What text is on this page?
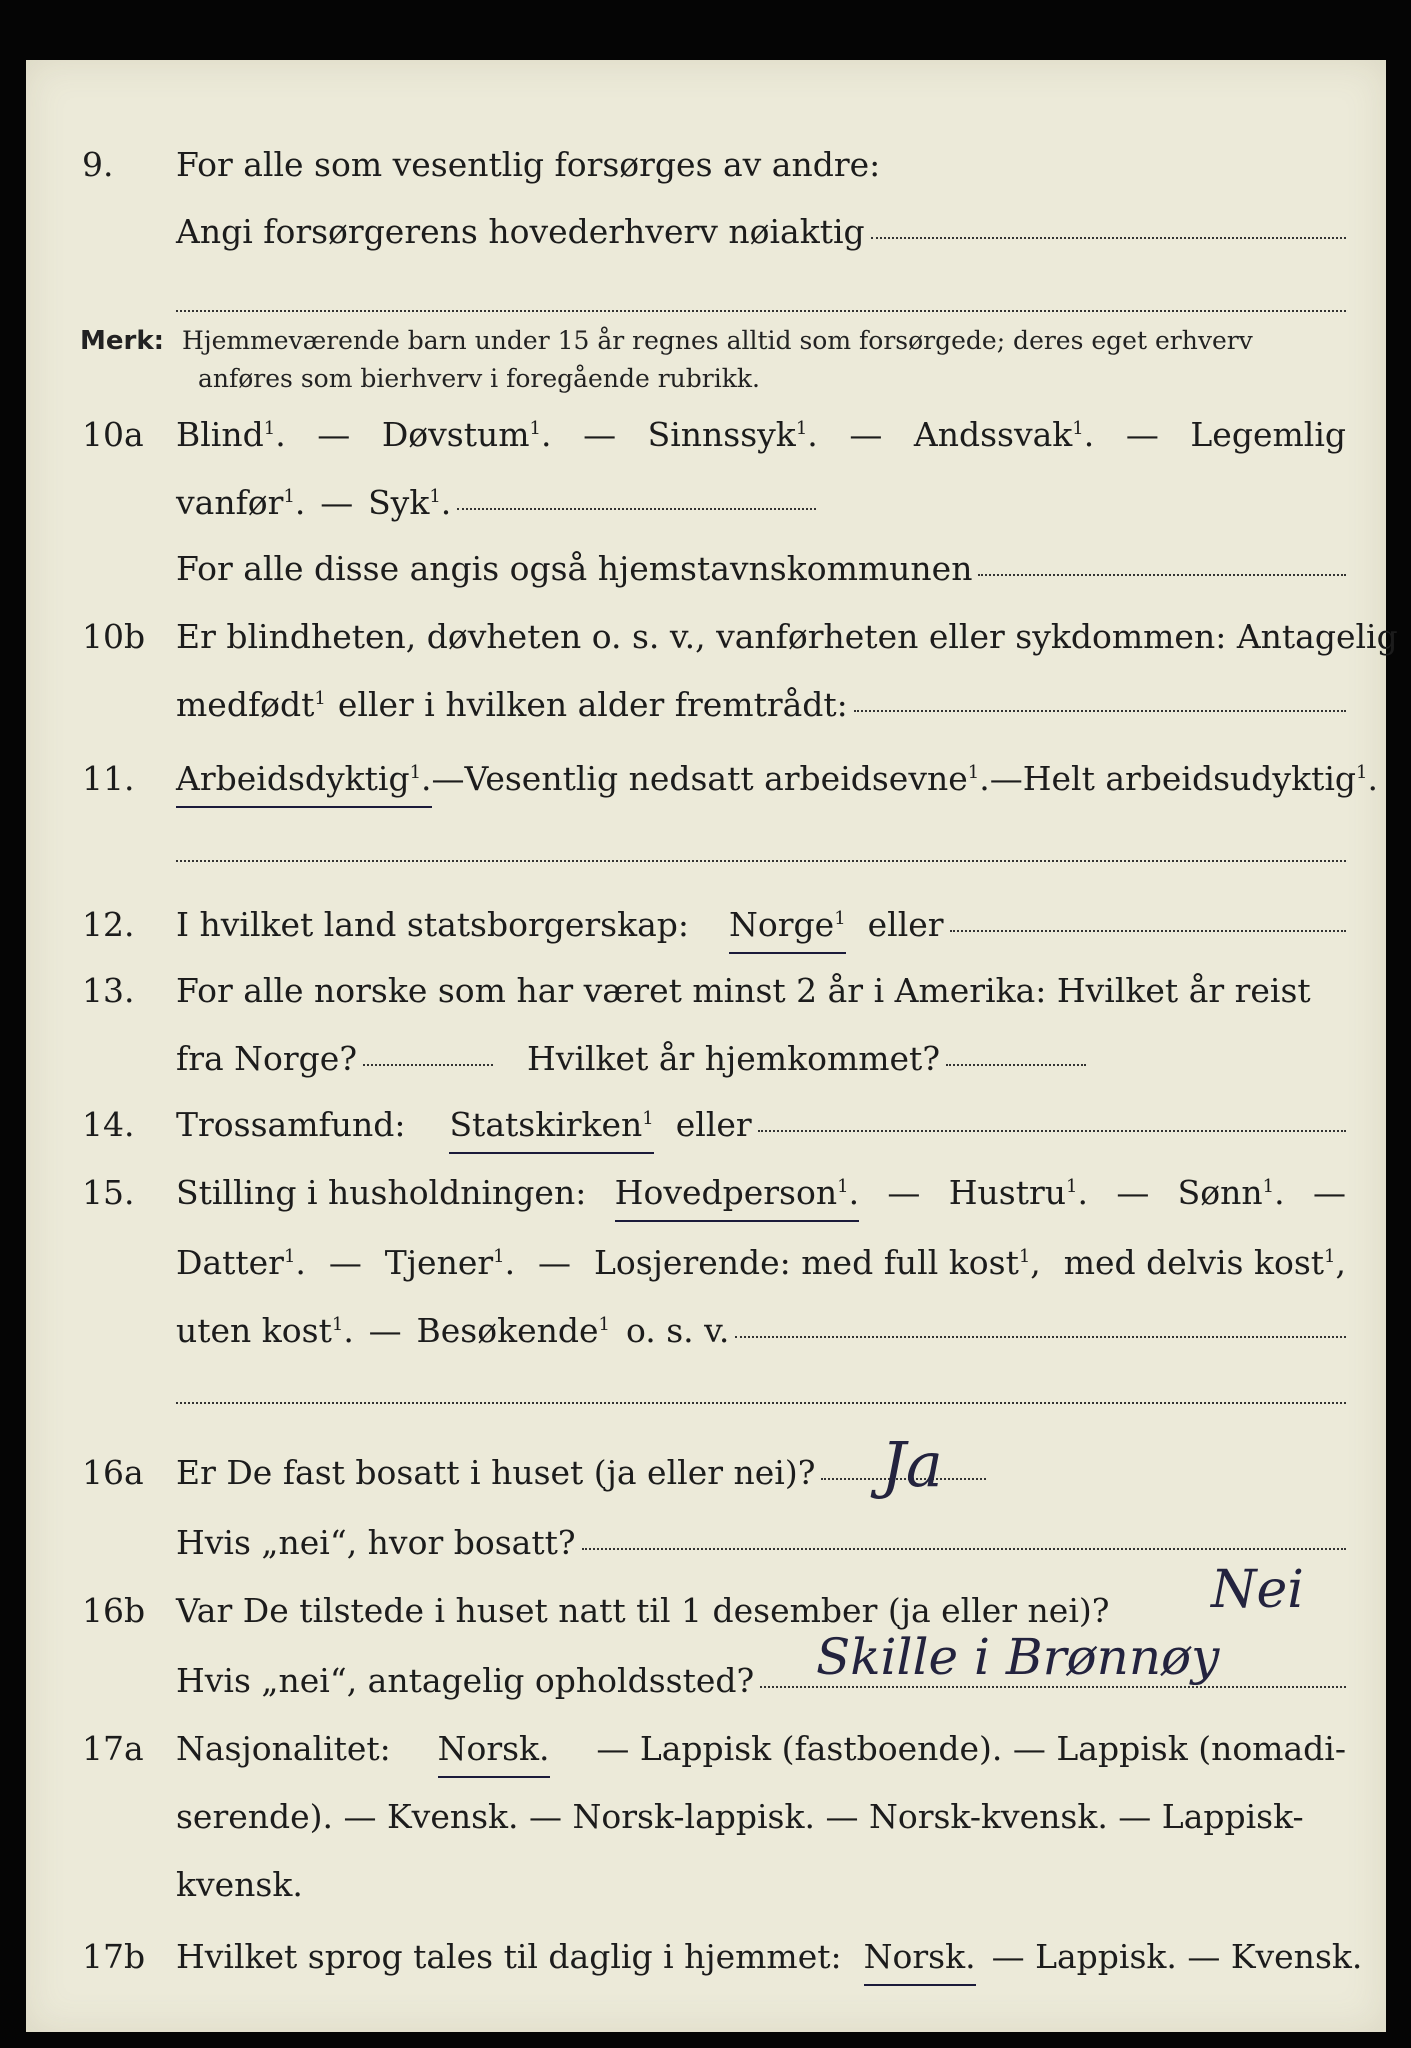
9. For alle som vesentlig forsørges av andre:
Angi forsørgerens hovederhverv nøiaktig
Merk: Hjemmeværende barn under 15 år regnes alltid som forsørgede; deres eget erhverv
anføres som bierhverv i foregående rubrikk.
10a Blind1. — Døvstum1. — Sinnssyk1. — Andssvak1. — Legemlig
vanfør1. — Syk1.
For alle disse angis også hjemstavnskommunen
10b Er blindheten, døvheten o. s. v., vanførheten eller sykdommen: Antagelig
medfødt1 eller i hvilken alder fremtrådt:
11. Arbeidsdyktig1. — Vesentlig nedsatt arbeidsevne1. — Helt arbeidsudyktig1.
12. I hvilket land statsborgerskap: Norge1 eller
13. For alle norske som har været minst 2 år i Amerika: Hvilket år reist
fra Norge?	Hvilket år hjemkommet?
14. Trossamfund: Statskirken1 eller
15. Stilling i husholdningen: Hovedperson1. — Hustru1. — Sønn1. —
Datter1. — Tjener1. — Losjerende: med full kost1, med delvis kost1,
uten kost1. — Besøkende1 o. s. v.
16a Er De fast bosatt i huset (ja eller nei)? Ja
Hvis „nei“, hvor bosatt?
16b Var De tilstede i huset natt til 1 desember (ja eller nei)? Nei
Hvis „nei“, antagelig opholdssted? Skille i Brønnøy
17a Nasjonalitet: Norsk. — Lappisk (fastboende). — Lappisk (nomadi-
serende). — Kvensk. — Norsk-lappisk. — Norsk-kvensk. — Lappisk-
kvensk.
17b Hvilket sprog tales til daglig i hjemmet: Norsk. — Lappisk. — Kvensk.
